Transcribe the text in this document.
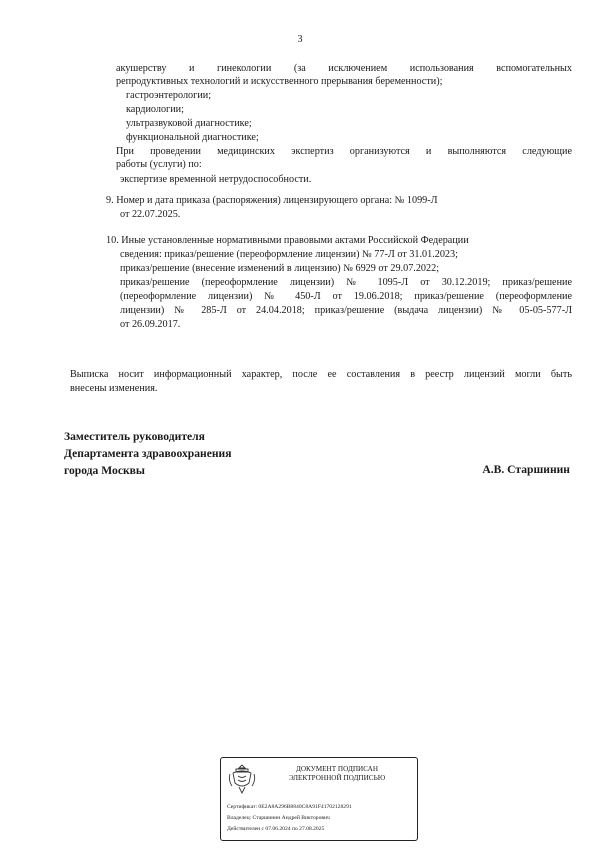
3
акушерству и гинекологии (за исключением использования вспомогательных
репродуктивных технологий и искусственного прерывания беременности);
гастроэнтерологии;
кардиологии;
ультразвуковой диагностике;
функциональной диагностике;
При проведении медицинских экспертиз организуются и выполняются следующие
работы (услуги) по:
экспертизе временной нетрудоспособности.
9. Номер и дата приказа (распоряжения) лицензирующего органа: № 1099-Л
от 22.07.2025.
10. Иные установленные нормативными правовыми актами Российской Федерации
сведения: приказ/решение (переоформление лицензии) № 77-Л от 31.01.2023;
приказ/решение (внесение изменений в лицензию) № 6929 от 29.07.2022;
приказ/решение (переоформление лицензии) № 1095-Л от 30.12.2019; приказ/решение
(переоформление лицензии) № 450-Л от 19.06.2018; приказ/решение (переоформление
лицензии) № 285-Л от 24.04.2018; приказ/решение (выдача лицензии) № 05-05-577-Л
от 26.09.2017.
Выписка носит информационный характер, после ее составления в реестр лицензий могли быть
внесены изменения.
Заместитель руководителя
Департамента здравоохранения
города Москвы	А.В. Старшинин
ДОКУМЕНТ ПОДПИСАН
ЭЛЕКТРОННОЙ ПОДПИСЬЮ
Сертификат: 0E2A8A296B8840C8A91F41702128291
Владелец: Старшинин Андрей Викторович
Действителен с 07.06.2024 по 27.08.2025
